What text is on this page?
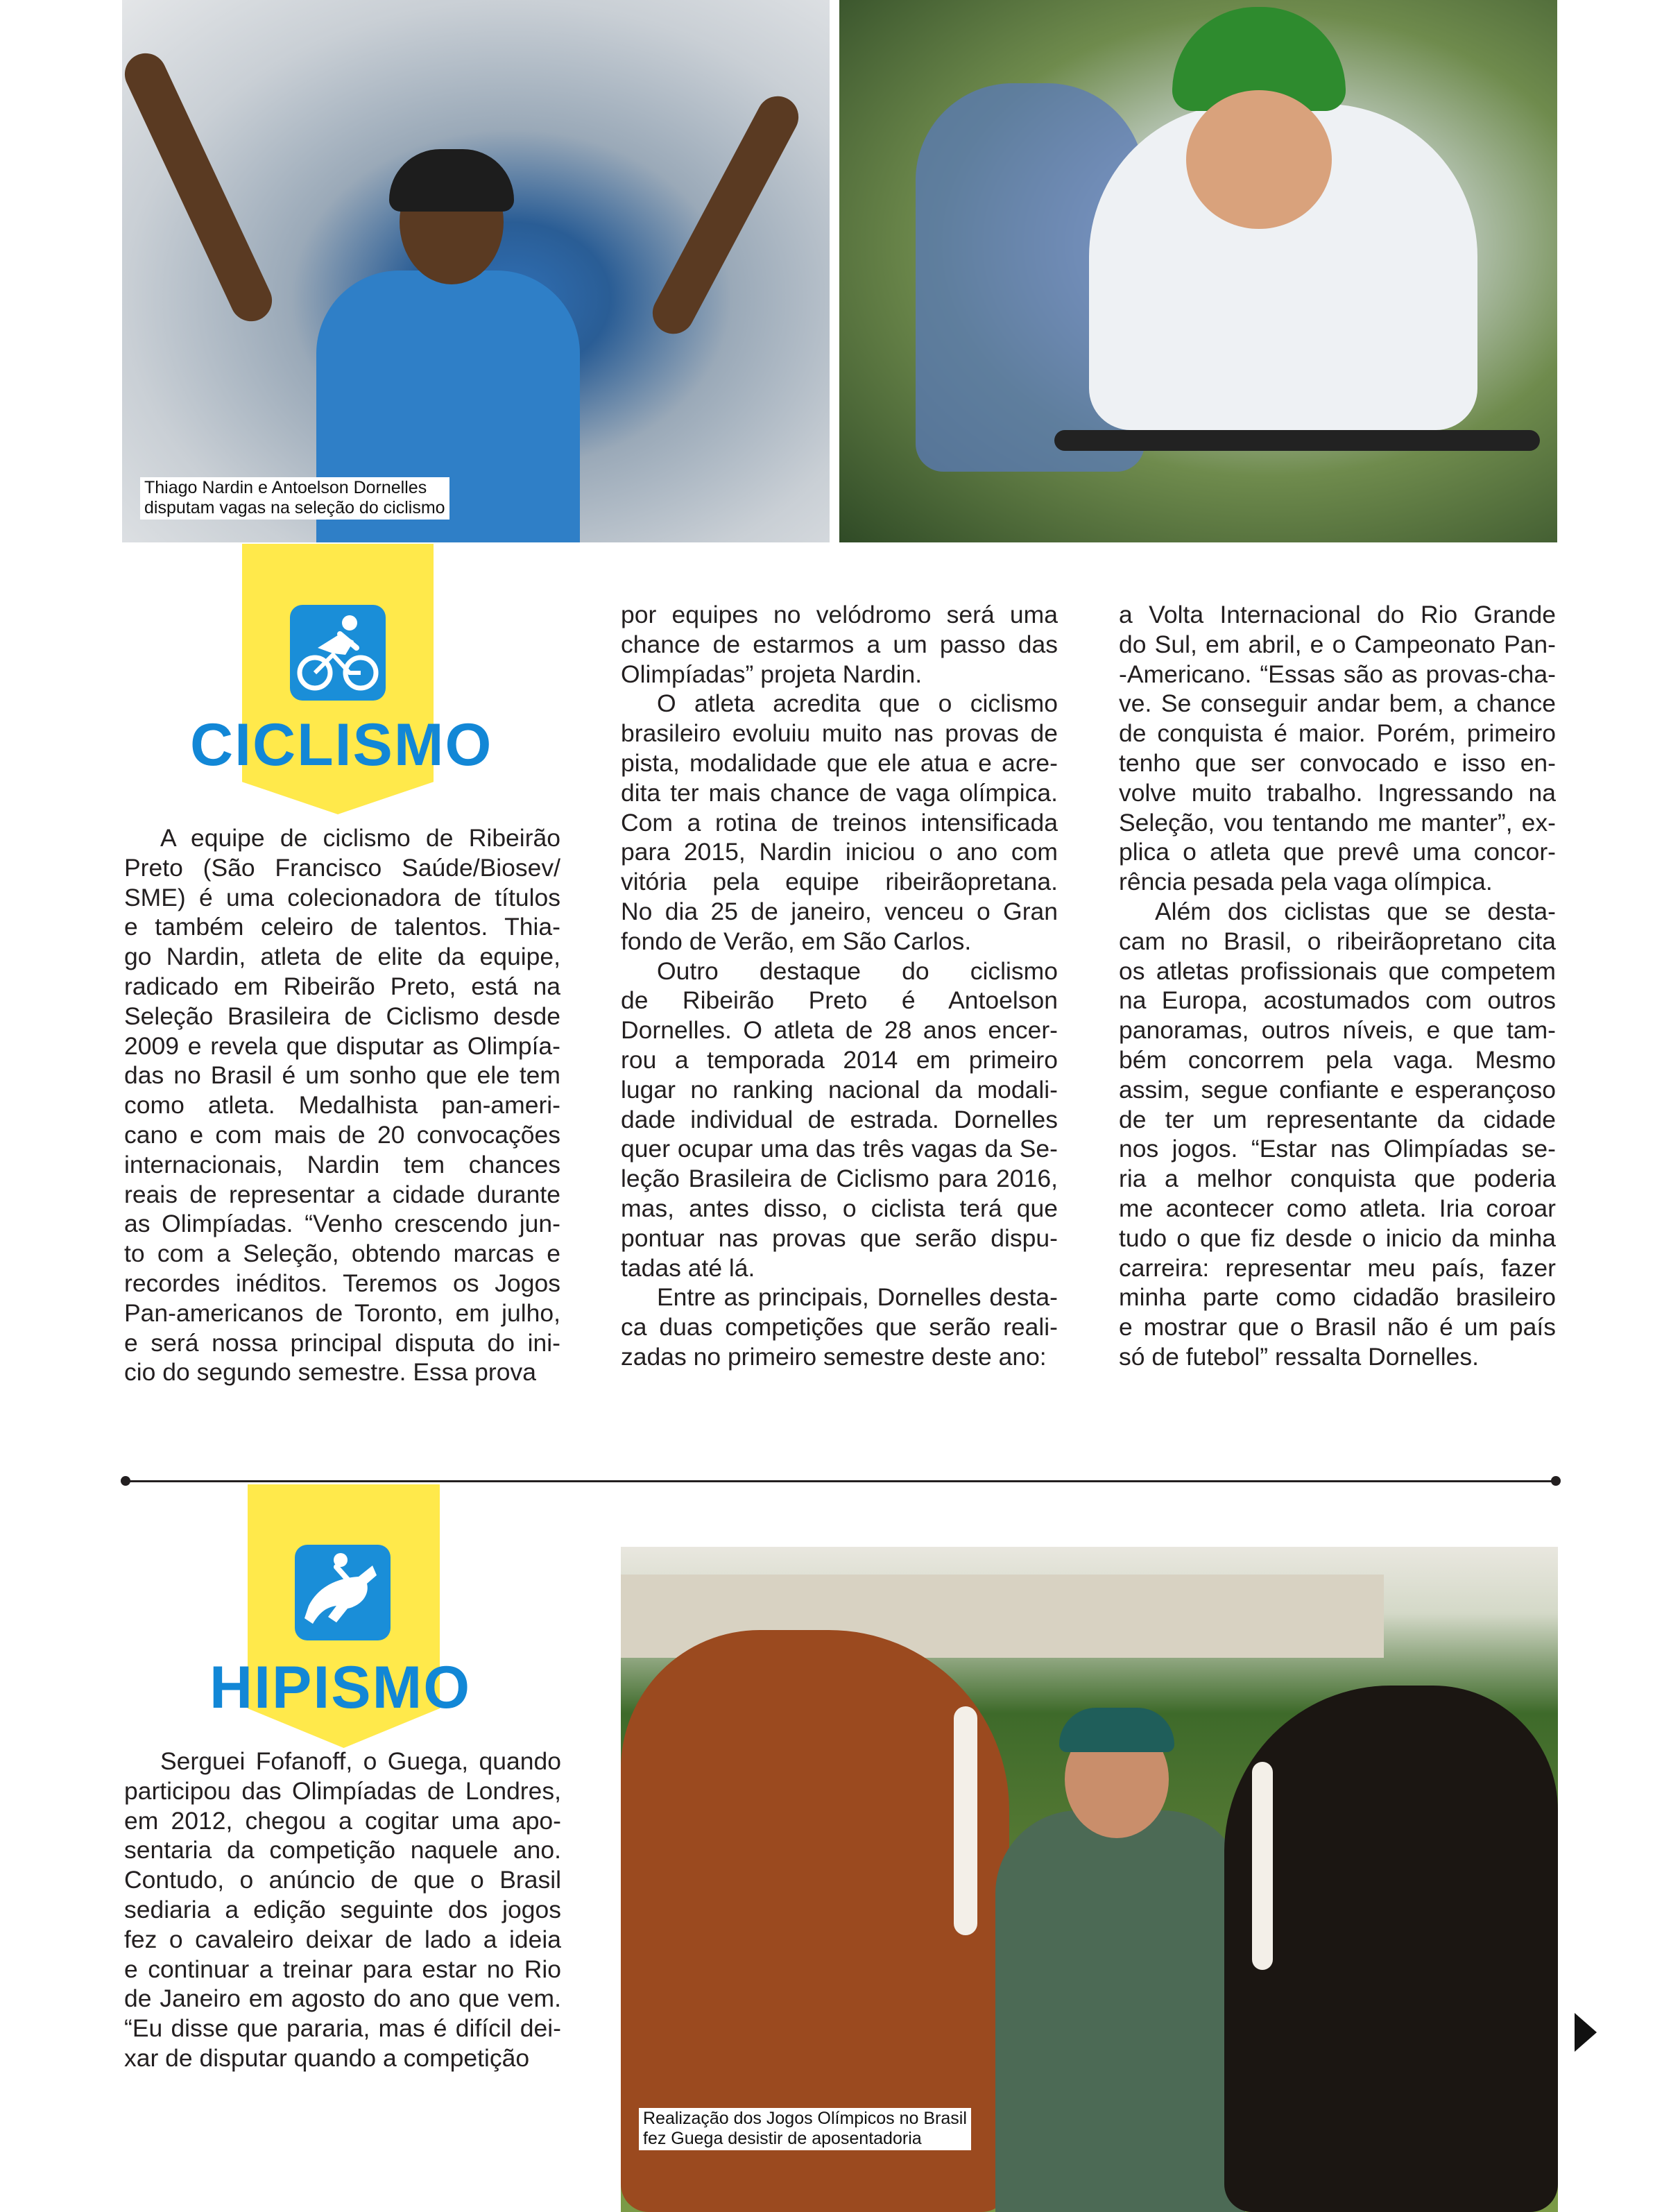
Thiago Nardin e Antoelson Dornelles
disputam vagas na seleção do ciclismo
CICLISMO
A equipe de ciclismo de Ribeirão
Preto (São Francisco Saúde/Biosev/
SME) é uma colecionadora de títulos
e também celeiro de talentos. Thia-
go Nardin, atleta de elite da equipe,
radicado em Ribeirão Preto, está na
Seleção Brasileira de Ciclismo desde
2009 e revela que disputar as Olimpía-
das no Brasil é um sonho que ele tem
como atleta. Medalhista pan-ameri-
cano e com mais de 20 convocações
internacionais, Nardin tem chances
reais de representar a cidade durante
as Olimpíadas. “Venho crescendo jun-
to com a Seleção, obtendo marcas e
recordes inéditos. Teremos os Jogos
Pan-americanos de Toronto, em julho,
e será nossa principal disputa do ini-
cio do segundo semestre. Essa prova
por equipes no velódromo será uma
chance de estarmos a um passo das
Olimpíadas” projeta Nardin.
O atleta acredita que o ciclismo
brasileiro evoluiu muito nas provas de
pista, modalidade que ele atua e acre-
dita ter mais chance de vaga olímpica.
Com a rotina de treinos intensificada
para 2015, Nardin iniciou o ano com
vitória pela equipe ribeirãopretana.
No dia 25 de janeiro, venceu o Gran
fondo de Verão, em São Carlos.
Outro destaque do ciclismo
de Ribeirão Preto é Antoelson
Dornelles. O atleta de 28 anos encer-
rou a temporada 2014 em primeiro
lugar no ranking nacional da modali-
dade individual de estrada. Dornelles
quer ocupar uma das três vagas da Se-
leção Brasileira de Ciclismo para 2016,
mas, antes disso, o ciclista terá que
pontuar nas provas que serão dispu-
tadas até lá.
Entre as principais, Dornelles desta-
ca duas competições que serão reali-
zadas no primeiro semestre deste ano:
a Volta Internacional do Rio Grande
do Sul, em abril, e o Campeonato Pan-
-Americano. “Essas são as provas-cha-
ve. Se conseguir andar bem, a chance
de conquista é maior. Porém, primeiro
tenho que ser convocado e isso en-
volve muito trabalho. Ingressando na
Seleção, vou tentando me manter”, ex-
plica o atleta que prevê uma concor-
rência pesada pela vaga olímpica.
Além dos ciclistas que se desta-
cam no Brasil, o ribeirãopretano cita
os atletas profissionais que competem
na Europa, acostumados com outros
panoramas, outros níveis, e que tam-
bém concorrem pela vaga. Mesmo
assim, segue confiante e esperançoso
de ter um representante da cidade
nos jogos. “Estar nas Olimpíadas se-
ria a melhor conquista que poderia
me acontecer como atleta. Iria coroar
tudo o que fiz desde o inicio da minha
carreira: representar meu país, fazer
minha parte como cidadão brasileiro
e mostrar que o Brasil não é um país
só de futebol” ressalta Dornelles.
HIPISMO
Serguei Fofanoff, o Guega, quando
participou das Olimpíadas de Londres,
em 2012, chegou a cogitar uma apo-
sentaria da competição naquele ano.
Contudo, o anúncio de que o Brasil
sediaria a edição seguinte dos jogos
fez o cavaleiro deixar de lado a ideia
e continuar a treinar para estar no Rio
de Janeiro em agosto do ano que vem.
“Eu disse que pararia, mas é difícil dei-
xar de disputar quando a competição
Realização dos Jogos Olímpicos no Brasil
fez Guega desistir de aposentadoria
